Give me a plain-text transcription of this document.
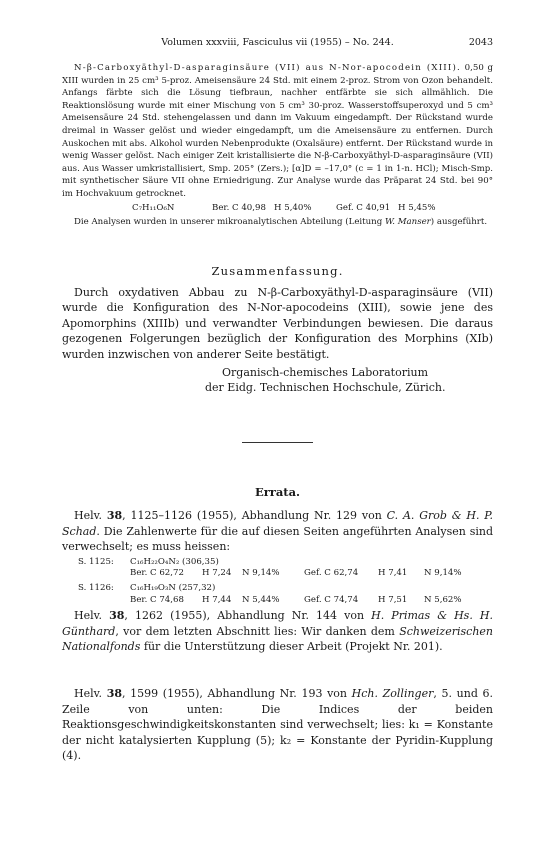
Volumen xxxviii, Fasciculus vii (1955) – No. 244.	2043

N-β-Carboxyäthyl-D-asparaginsäure (VII) aus N-Nor-apocodein (XIII). 0,50 g XIII wurden in 25 cm³ 5-proz. Ameisensäure 24 Std. mit einem 2-proz. Strom von Ozon behandelt. Anfangs färbte sich die Lösung tiefbraun, nachher entfärbte sie sich allmählich. Die Reaktionslösung wurde mit einer Mischung von 5 cm³ 30-proz. Wasserstoffsuperoxyd und 5 cm³ Ameisensäure 24 Std. stehengelassen und dann im Vakuum eingedampft. Der Rückstand wurde dreimal in Wasser gelöst und wieder eingedampft, um die Ameisensäure zu entfernen. Durch Auskochen mit abs. Alkohol wurden Nebenprodukte (Oxalsäure) entfernt. Der Rückstand wurde in wenig Wasser gelöst. Nach einiger Zeit kristallisierte die N-β-Carboxyäthyl-D-asparaginsäure (VII) aus. Aus Wasser umkristallisiert, Smp. 205° (Zers.); [α]D = –17,0° (c = 1 in 1-n. HCl); Misch-Smp. mit synthetischer Säure VII ohne Erniedrigung. Zur Analyse wurde das Präparat 24 Std. bei 90° im Hochvakuum getrocknet.

C₇H₁₁O₆N	Ber. C 40,98 H 5,40%	Gef. C 40,91 H 5,45%

Die Analysen wurden in unserer mikroanalytischen Abteilung (Leitung W. Manser) ausgeführt.

Zusammenfassung.

Durch oxydativen Abbau zu N-β-Carboxyäthyl-D-asparaginsäure (VII) wurde die Konfiguration des N-Nor-apocodeins (XIII), sowie jene des Apomorphins (XIIIb) und verwandter Verbindungen bewiesen. Die daraus gezogenen Folgerungen bezüglich der Konfiguration des Morphins (XIb) wurden inzwischen von anderer Seite bestätigt.

Organisch-chemisches Laboratorium

der Eidg. Technischen Hochschule, Zürich.

Errata.

Helv. 38, 1125–1126 (1955), Abhandlung Nr. 129 von C. A. Grob & H. P. Schad. Die Zahlenwerte für die auf diesen Seiten angeführten Analysen sind verwechselt; es muss heissen:

S. 1125: C₁₆H₂₂O₄N₂ (306,35)
Ber. C 62,72 H 7,24 N 9,14%	Gef. C 62,74 H 7,41 N 9,14%
S. 1126: C₁₆H₁₉O₃N (257,32)
Ber. C 74,68 H 7,44 N 5,44%	Gef. C 74,74 H 7,51 N 5,62%

Helv. 38, 1262 (1955), Abhandlung Nr. 144 von H. Primas & Hs. H. Günthard, vor dem letzten Abschnitt lies: Wir danken dem Schweizerischen Nationalfonds für die Unterstützung dieser Arbeit (Projekt Nr. 201).

Helv. 38, 1599 (1955), Abhandlung Nr. 193 von Hch. Zollinger, 5. und 6. Zeile von unten: Die Indices der beiden Reaktionsgeschwindigkeitskonstanten sind verwechselt; lies: k₁ = Konstante der nicht katalysierten Kupplung (5); k₂ = Konstante der Pyridin-Kupplung (4).
